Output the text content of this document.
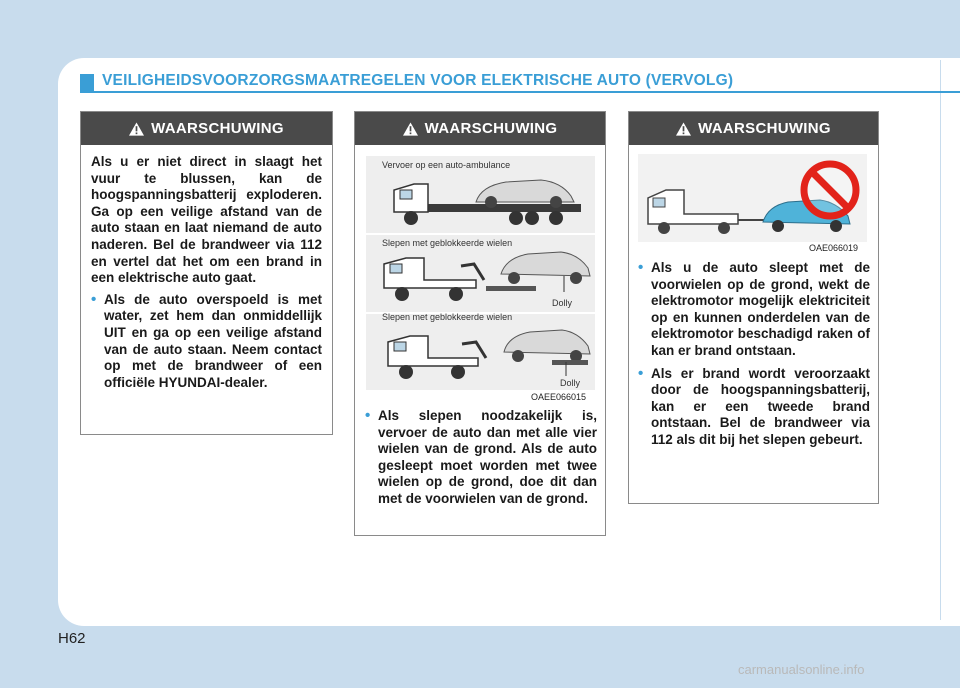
VEILIGHEIDSVOORZORGSMAATREGELEN VOOR ELEKTRISCHE AUTO (VERVOLG)
WAARSCHUWING
Als u er niet direct in slaagt het vuur te blussen, kan de hoogspanningsbatterij exploderen. Ga op een veilige afstand van de auto staan en laat niemand de auto naderen. Bel de brandweer via 112 en vertel dat het om een brand in een elektrische auto gaat.
• Als de auto overspoeld is met water, zet hem dan onmiddellijk UIT en ga op een veilige afstand van de auto staan. Neem contact op met de brandweer of een officiële HYUNDAI-dealer.
WAARSCHUWING
Vervoer op een auto-ambulance
Slepen met geblokkeerde wielen
Slepen met geblokkeerde wielen
Dolly
Dolly
OAEE066015
• Als slepen noodzakelijk is, vervoer de auto dan met alle vier wielen van de grond. Als de auto gesleept moet worden met twee wielen op de grond, doe dit dan met de voorwielen van de grond.
WAARSCHUWING
OAE066019
• Als u de auto sleept met de voorwielen op de grond, wekt de elektromotor mogelijk elektriciteit op en kunnen onderdelen van de elektromotor beschadigd raken of kan er brand ontstaan.
• Als er brand wordt veroorzaakt door de hoogspanningsbatterij, kan er een tweede brand ontstaan. Bel de brandweer via 112 als dit bij het slepen gebeurt.
H62
carmanualsonline.info
